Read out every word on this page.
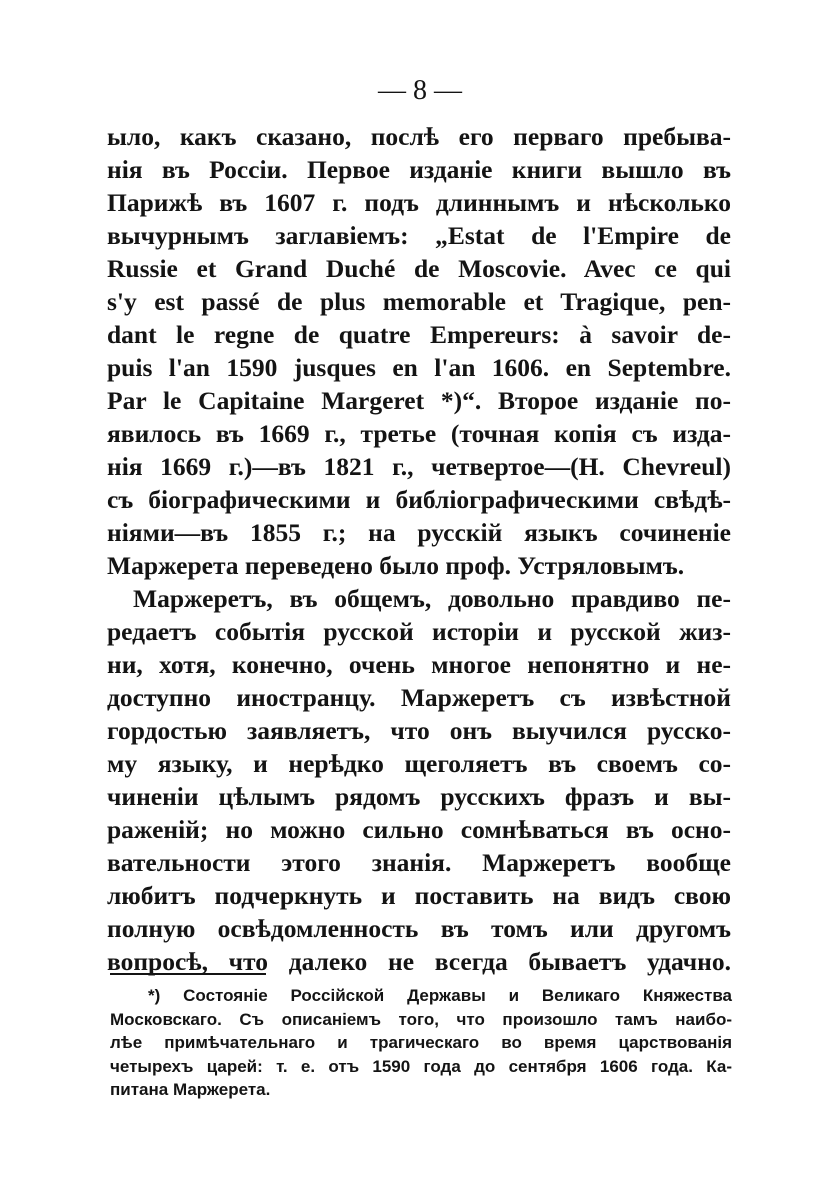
— 8 —
ыло, какъ сказано, послѣ его перваго пребыва-
нія въ Россіи. Первое изданіе книги вышло въ
Парижѣ въ 1607 г. подъ длиннымъ и нѣсколько
вычурнымъ заглавіемъ: „Estat de l'Empire de
Russie et Grand Duché de Moscovie. Avec ce qui
s'y est passé de plus memorable et Tragique, pen-
dant le regne de quatre Empereurs: à savoir de-
puis l'an 1590 jusques en l'an 1606. en Septembre.
Par le Capitaine Margeret *)“. Второе изданіе по-
явилось въ 1669 г., третье (точная копія съ изда-
нія 1669 г.)—въ 1821 г., четвертое—(H. Chevreul)
съ біографическими и библіографическими свѣдѣ-
ніями—въ 1855 г.; на русскій языкъ сочиненіе
Маржерета переведено было проф. Устряловымъ.
Маржеретъ, въ общемъ, довольно правдиво пе-
редаетъ событія русской исторіи и русской жиз-
ни, хотя, конечно, очень многое непонятно и не-
доступно иностранцу. Маржеретъ съ извѣстной
гордостью заявляетъ, что онъ выучился русско-
му языку, и нерѣдко щеголяетъ въ своемъ со-
чиненіи цѣлымъ рядомъ русскихъ фразъ и вы-
раженій; но можно сильно сомнѣваться въ осно-
вательности этого знанія. Маржеретъ вообще
любитъ подчеркнуть и поставить на видъ свою
полную освѣдомленность въ томъ или другомъ
вопросѣ, что далеко не всегда бываетъ удачно.
*) Состояніе Россійской Державы и Великаго Княжества
Московскаго. Съ описаніемъ того, что произошло тамъ наибо-
лѣе примѣчательнаго и трагическаго во время царствованія
четырехъ царей: т. е. отъ 1590 года до сентября 1606 года. Ка-
питана Маржерета.
